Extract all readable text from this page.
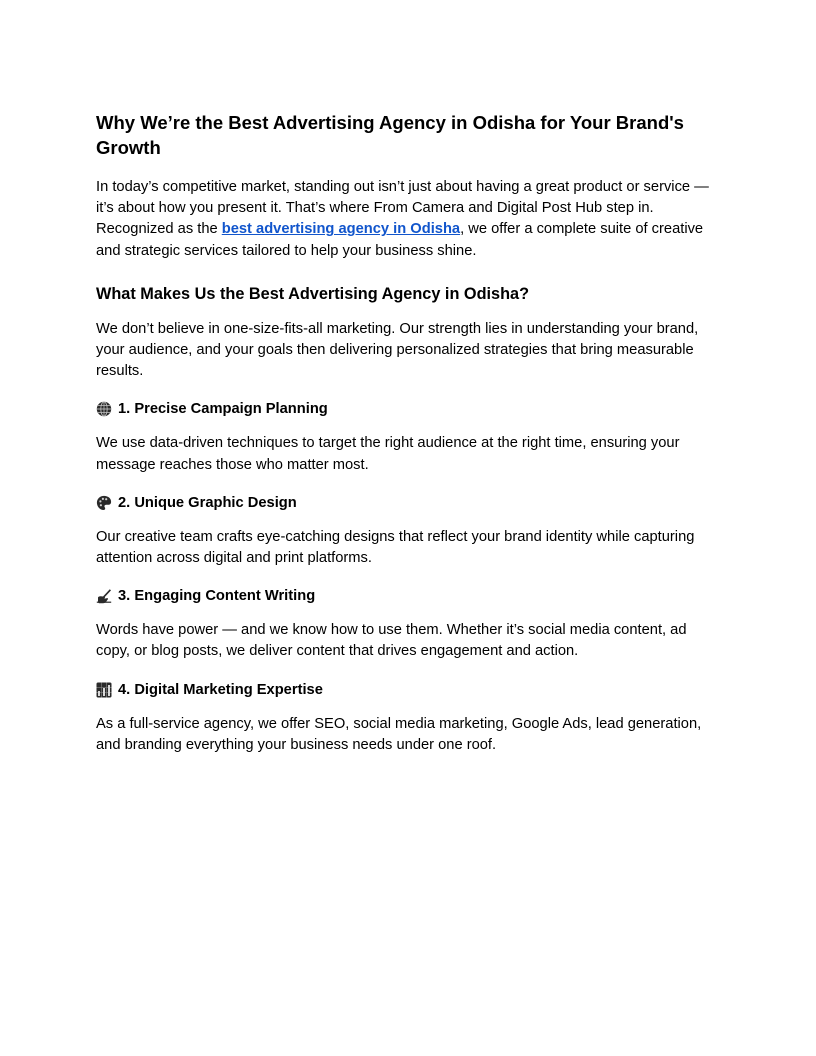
Why We’re the Best Advertising Agency in Odisha for Your Brand's Growth

In today’s competitive market, standing out isn’t just about having a great product or service — it’s about how you present it. That’s where From Camera and Digital Post Hub step in. Recognized as the best advertising agency in Odisha, we offer a complete suite of creative and strategic services tailored to help your business shine.

What Makes Us the Best Advertising Agency in Odisha?

We don’t believe in one-size-fits-all marketing. Our strength lies in understanding your brand, your audience, and your goals then delivering personalized strategies that bring measurable results.

1. Precise Campaign Planning

We use data-driven techniques to target the right audience at the right time, ensuring your message reaches those who matter most.

2. Unique Graphic Design

Our creative team crafts eye-catching designs that reflect your brand identity while capturing attention across digital and print platforms.

3. Engaging Content Writing

Words have power — and we know how to use them. Whether it’s social media content, ad copy, or blog posts, we deliver content that drives engagement and action.

4. Digital Marketing Expertise

As a full-service agency, we offer SEO, social media marketing, Google Ads, lead generation, and branding everything your business needs under one roof.
